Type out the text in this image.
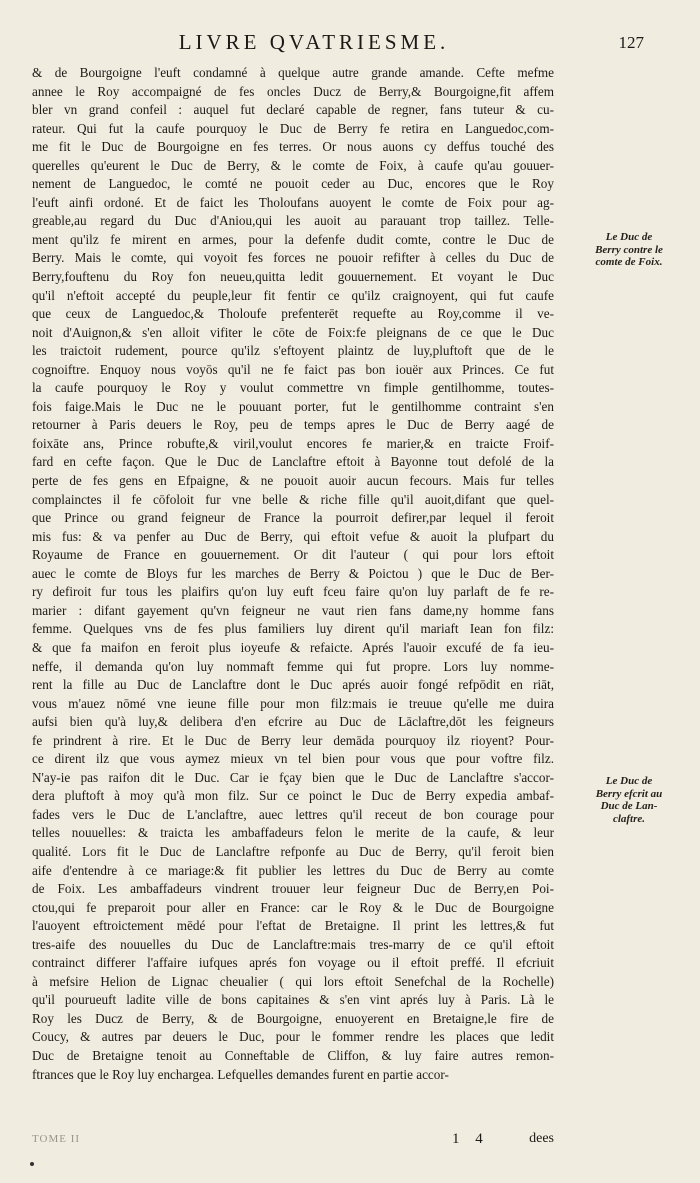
LIVRE QVATRIESME.	127
& de Bourgoigne l'euft condamné à quelque autre grande amande. Cefte mefme
annee le Roy accompaigné de fes oncles Ducz de Berry,& Bourgoigne,fit affem
bler vn grand confeil : auquel fut declaré capable de regner, fans tuteur & cu-
rateur. Qui fut la caufe pourquoy le Duc de Berry fe retira en Languedoc,com-
me fit le Duc de Bourgoigne en fes terres. Or nous auons cy deffus touché des
querelles qu'eurent le Duc de Berry, & le comte de Foix, à caufe qu'au gouuer-
nement de Languedoc, le comté ne pouoit ceder au Duc, encores que le Roy
l'euft ainfi ordoné. Et de faict les Tholoufans auoyent le comte de Foix pour ag-
greable,au regard du Duc d'Aniou,qui les auoit au parauant trop taillez. Telle-
ment qu'ilz fe mirent en armes, pour la defenfe dudit comte, contre le Duc de
Berry. Mais le comte, qui voyoit fes forces ne pouoir refifter à celles du Duc de
Berry,fouftenu du Roy fon neueu,quitta ledit gouuernement. Et voyant le Duc
qu'il n'eftoit accepté du peuple,leur fit fentir ce qu'ilz craignoyent, qui fut caufe
que ceux de Languedoc,& Tholoufe prefenterēt requefte au Roy,comme il ve-
noit d'Auignon,& s'en alloit vifiter le cōte de Foix:fe pleignans de ce que le Duc
les traictoit rudement, pource qu'ilz s'eftoyent plaintz de luy,pluftoft que de le
cognoiftre. Enquoy nous voyōs qu'il ne fe faict pas bon iouër aux Princes. Ce fut
la caufe pourquoy le Roy y voulut commettre vn fimple gentilhomme, toutes-
fois faige.Mais le Duc ne le pouuant porter, fut le gentilhomme contraint s'en
retourner à Paris deuers le Roy, peu de temps apres le Duc de Berry aagé de
foixāte ans, Prince robufte,& viril,voulut encores fe marier,& en traicte Froif-
fard en cefte façon. Que le Duc de Lanclaftre eftoit à Bayonne tout defolé de la
perte de fes gens en Efpaigne, & ne pouoit auoir aucun fecours. Mais fur telles
complainctes il fe cōfoloit fur vne belle & riche fille qu'il auoit,difant que quel-
que Prince ou grand feigneur de France la pourroit defirer,par lequel il feroit
mis fus: & va penfer au Duc de Berry, qui eftoit vefue & auoit la plufpart du
Royaume de France en gouuernement. Or dit l'auteur ( qui pour lors eftoit
auec le comte de Bloys fur les marches de Berry & Poictou ) que le Duc de Ber-
ry defiroit fur tous les plaifirs qu'on luy euft fceu faire qu'on luy parlaft de fe re-
marier : difant gayement qu'vn feigneur ne vaut rien fans dame,ny homme fans
femme. Quelques vns de fes plus familiers luy dirent qu'il mariaft Iean fon filz:
& que fa maifon en feroit plus ioyeufe & refaicte. Aprés l'auoir excufé de fa ieu-
neffe, il demanda qu'on luy nommaft femme qui fut propre. Lors luy nomme-
rent la fille au Duc de Lanclaftre dont le Duc aprés auoir fongé refpōdit en riāt,
vous m'auez nōmé vne ieune fille pour mon filz:mais ie treuue qu'elle me duira
aufsi bien qu'à luy,& delibera d'en efcrire au Duc de Lāclaftre,dōt les feigneurs
fe prindrent à rire. Et le Duc de Berry leur demāda pourquoy ilz rioyent? Pour-
ce dirent ilz que vous aymez mieux vn tel bien pour vous que pour voftre filz.
N'ay-ie pas raifon dit le Duc. Car ie fçay bien que le Duc de Lanclaftre s'accor-
dera pluftoft à moy qu'à mon filz. Sur ce poinct le Duc de Berry expedia ambaf-
fades vers le Duc de L'anclaftre, auec lettres qu'il receut de bon courage pour
telles nouuelles: & traicta les ambaffadeurs felon le merite de la caufe, & leur
qualité. Lors fit le Duc de Lanclaftre refponfe au Duc de Berry, qu'il feroit bien
aife d'entendre à ce mariage:& fit publier les lettres du Duc de Berry au comte
de Foix. Les ambaffadeurs vindrent trouuer leur feigneur Duc de Berry,en Poi-
ctou,qui fe preparoit pour aller en France: car le Roy & le Duc de Bourgoigne
l'auoyent eftroictement mēdé pour l'eftat de Bretaigne. Il print les lettres,& fut
tres-aife des nouuelles du Duc de Lanclaftre:mais tres-marry de ce qu'il eftoit
contrainct differer l'affaire iufques aprés fon voyage ou il eftoit preffé. Il efcriuit
à mefsire Helion de Lignac cheualier ( qui lors eftoit Senefchal de la Rochelle)
qu'il pourueuft ladite ville de bons capitaines & s'en vint aprés luy à Paris. Là le
Roy les Ducz de Berry, & de Bourgoigne, enuoyerent en Bretaigne,le fire de
Coucy, & autres par deuers le Duc, pour le fommer rendre les places que ledit
Duc de Bretaigne tenoit au Conneftable de Cliffon, & luy faire autres remon-
ftrances que le Roy luy enchargea. Lefquelles demandes furent en partie accor-
Le Duc de
Berry contre le
comte de Foix.
Le Duc de
Berry efcrit au
Duc de Lan-
claftre.
TOME II	1 4	dees
